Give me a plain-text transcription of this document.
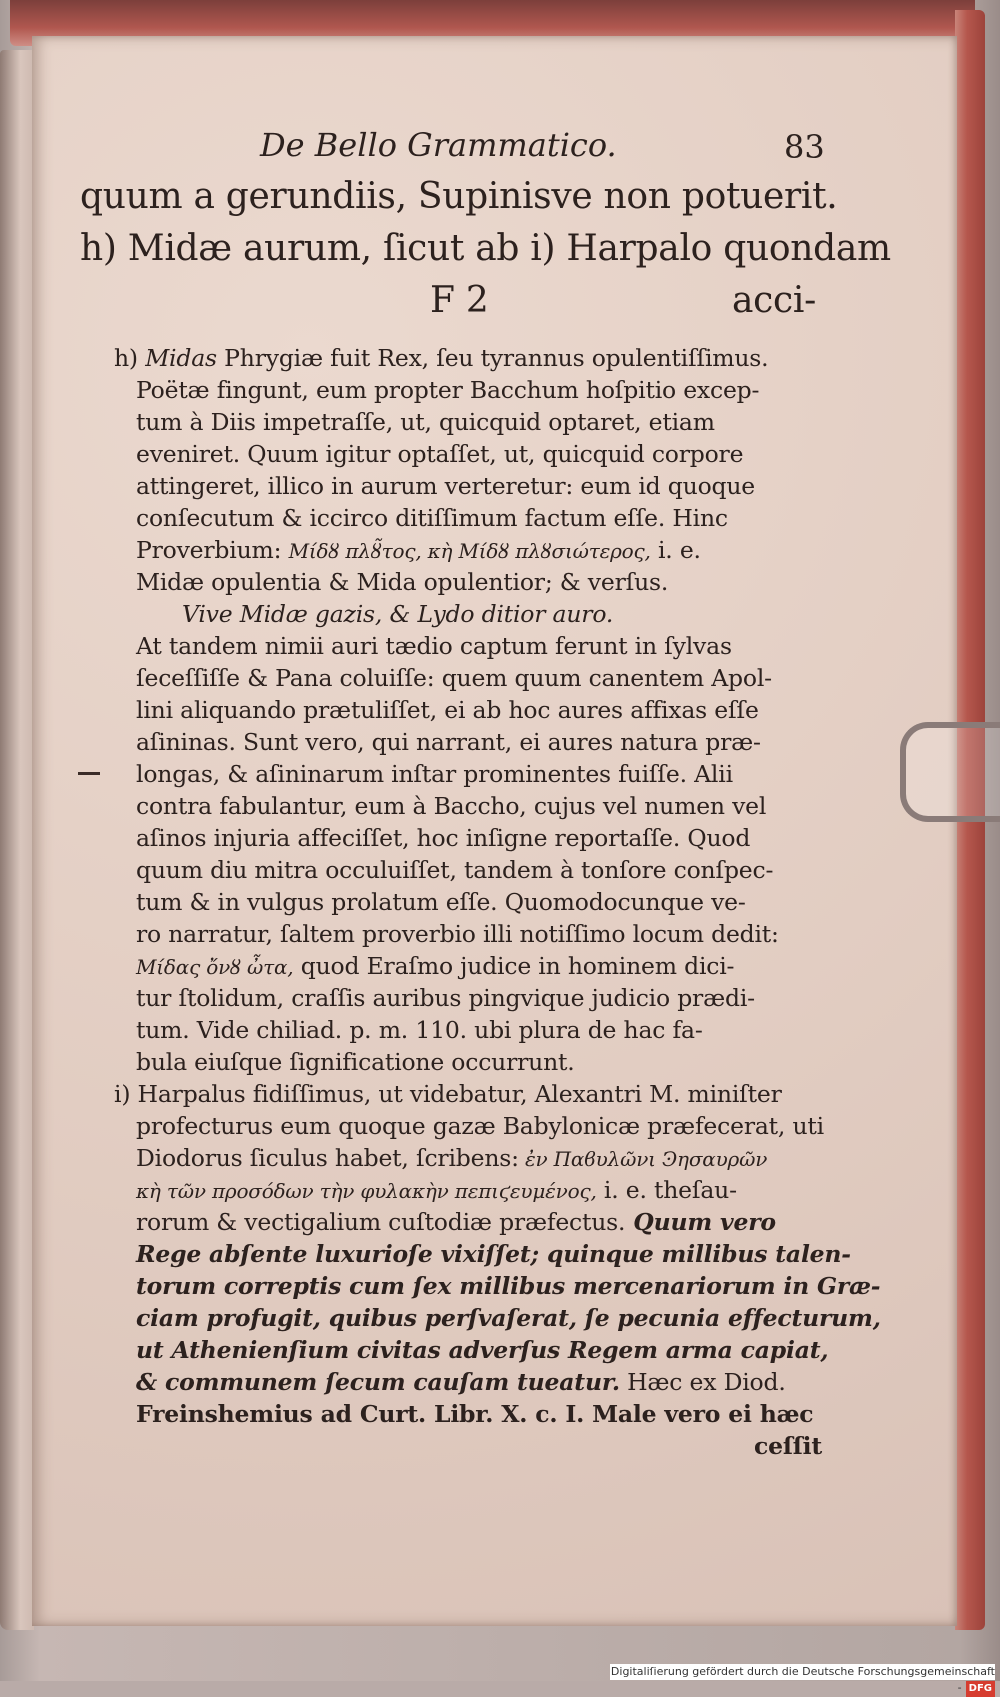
De Bello Grammatico.	83
quum a gerundiis, Supinisve non potuerit.
h) Midæ aurum, ſicut ab i) Harpalo quondam
F 2	acci-
h) Midas Phrygiæ fuit Rex, ſeu tyrannus opulentiſſimus.
Poëtæ fingunt, eum propter Bacchum hoſpitio excep-
tum à Diis impetraſſe, ut, quicquid optaret, etiam
eveniret. Quum igitur optaſſet, ut, quicquid corpore
attingeret, illico in aurum verteretur: eum id quoque
conſecutum & iccirco ditiſſimum factum eſſe. Hinc
Proverbium: Μίδȣ πλȣ̃τος, κὴ Μίδȣ πλȣσιώτερος, i. e.
Midæ opulentia & Mida opulentior; & verſus.
Vive Midæ gazis, & Lydo ditior auro.
At tandem nimii auri tædio captum ferunt in ſylvas
ſeceſſiſſe & Pana coluiſſe: quem quum canentem Apol-
lini aliquando prætuliſſet, ei ab hoc aures affixas eſſe
aſininas. Sunt vero, qui narrant, ei aures natura præ-
longas, & aſininarum inſtar prominentes fuiſſe. Alii
contra fabulantur, eum à Baccho, cujus vel numen vel
aſinos injuria affeciſſet, hoc inſigne reportaſſe. Quod
quum diu mitra occuluiſſet, tandem à tonſore conſpec-
tum & in vulgus prolatum eſſe. Quomodocunque ve-
ro narratur, ſaltem proverbio illi notiſſimo locum dedit:
Μίδας ὄνȣ ὦτα, quod Eraſmo judice in hominem dici-
tur ſtolidum, craſſis auribus pingvique judicio prædi-
tum. Vide chiliad. p. m. 110. ubi plura de hac fa-
bula eiuſque ſignificatione occurrunt.
i) Harpalus fidiſſimus, ut videbatur, Alexantri M. miniſter
profecturus eum quoque gazæ Babylonicæ præfecerat, uti
Diodorus ſiculus habet, ſcribens: ἐν Παϐυλῶνι Ͽησαυρῶν
κὴ τῶν προσόδων τὴν φυλακὴν πεπιϛευμένος, i. e. theſau-
rorum & vectigalium cuſtodiæ præfectus. Quum vero
Rege abſente luxurioſe vixiſſet; quinque millibus talen-
torum correptis cum ſex millibus mercenariorum in Græ-
ciam profugit, quibus perſvaſerat, ſe pecunia effecturum,
ut Athenienſium civitas adverſus Regem arma capiat,
& communem ſecum cauſam tueatur. Hæc ex Diod.
Freinshemius ad Curt. Libr. X. c. I. Male vero ei hæc
ceſſit
Digitaliſierung gefördert durch die Deutsche Forschungsgemeinschaft - DFG
